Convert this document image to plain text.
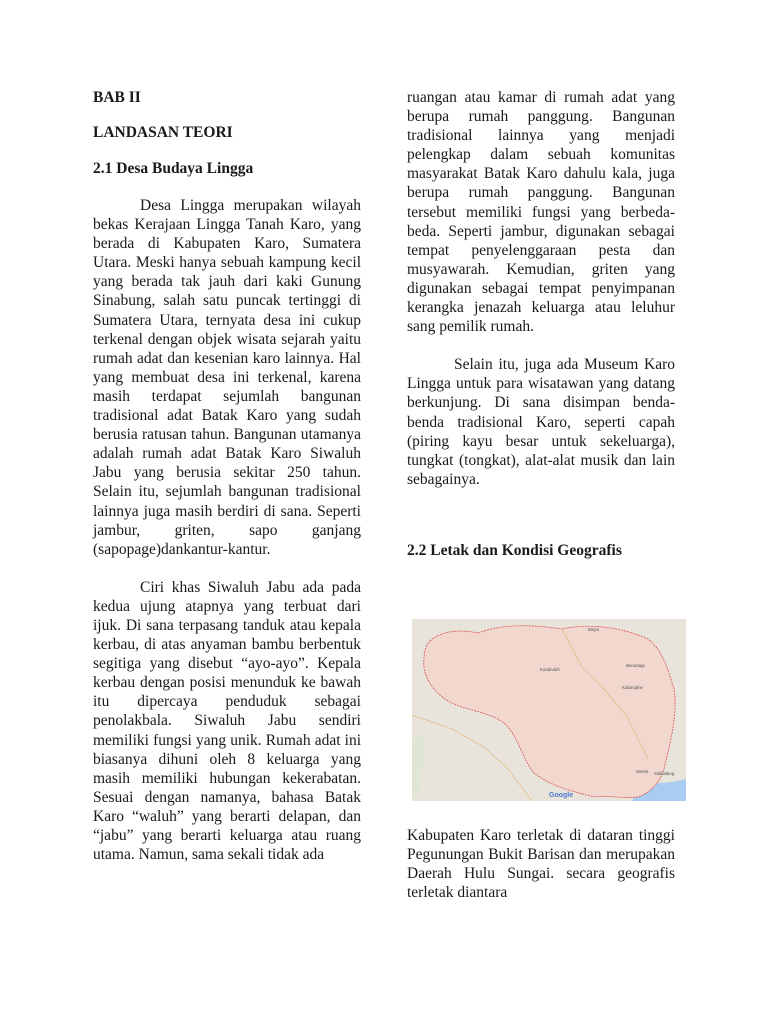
BAB II

LANDASAN TEORI

2.1 Desa Budaya Lingga

Desa Lingga merupakan wilayah bekas Kerajaan Lingga Tanah Karo, yang berada di Kabupaten Karo, Sumatera Utara. Meski hanya sebuah kampung kecil yang berada tak jauh dari kaki Gunung Sinabung, salah satu puncak tertinggi di Sumatera Utara, ternyata desa ini cukup terkenal dengan objek wisata sejarah yaitu rumah adat dan kesenian karo lainnya. Hal yang membuat desa ini terkenal, karena masih terdapat sejumlah bangunan tradisional adat Batak Karo yang sudah berusia ratusan tahun. Bangunan utamanya adalah rumah adat Batak Karo Siwaluh Jabu yang berusia sekitar 250 tahun. Selain itu, sejumlah bangunan tradisional lainnya juga masih berdiri di sana. Seperti jambur, griten, sapo ganjang (sapopage)dankantur-kantur.

Ciri khas Siwaluh Jabu ada pada kedua ujung atapnya yang terbuat dari ijuk. Di sana terpasang tanduk atau kepala kerbau, di atas anyaman bambu berbentuk segitiga yang disebut “ayo-ayo”. Kepala kerbau dengan posisi menunduk ke bawah itu dipercaya penduduk sebagai penolakbala. Siwaluh Jabu sendiri memiliki fungsi yang unik. Rumah adat ini biasanya dihuni oleh 8 keluarga yang masih memiliki hubungan kekerabatan. Sesuai dengan namanya, bahasa Batak Karo “waluh” yang berarti delapan, dan “jabu” yang berarti keluarga atau ruang utama. Namun, sama sekali tidak ada

ruangan atau kamar di rumah adat yang berupa rumah panggung. Bangunan tradisional lainnya yang menjadi pelengkap dalam sebuah komunitas masyarakat Batak Karo dahulu kala, juga berupa rumah panggung. Bangunan tersebut memiliki fungsi yang berbeda-beda. Seperti jambur, digunakan sebagai tempat penyelenggaraan pesta dan musyawarah. Kemudian, griten yang digunakan sebagai tempat penyimpanan kerangka jenazah keluarga atau leluhur sang pemilik rumah.

Selain itu, juga ada Museum Karo Lingga untuk para wisatawan yang datang berkunjung. Di sana disimpan benda- benda tradisional Karo, seperti capah (piring kayu besar untuk sekeluarga), tungkat (tongkat), alat-alat musik dan lain sebagainya.

2.2 Letak dan Kondisi Geografis

Binjai
Berastagi
Kabanjahe
Kutabuluh
Merek Sidikalang
Google

Kabupaten Karo terletak di dataran tinggi Pegunungan Bukit Barisan dan merupakan Daerah Hulu Sungai. secara geografis terletak diantara
